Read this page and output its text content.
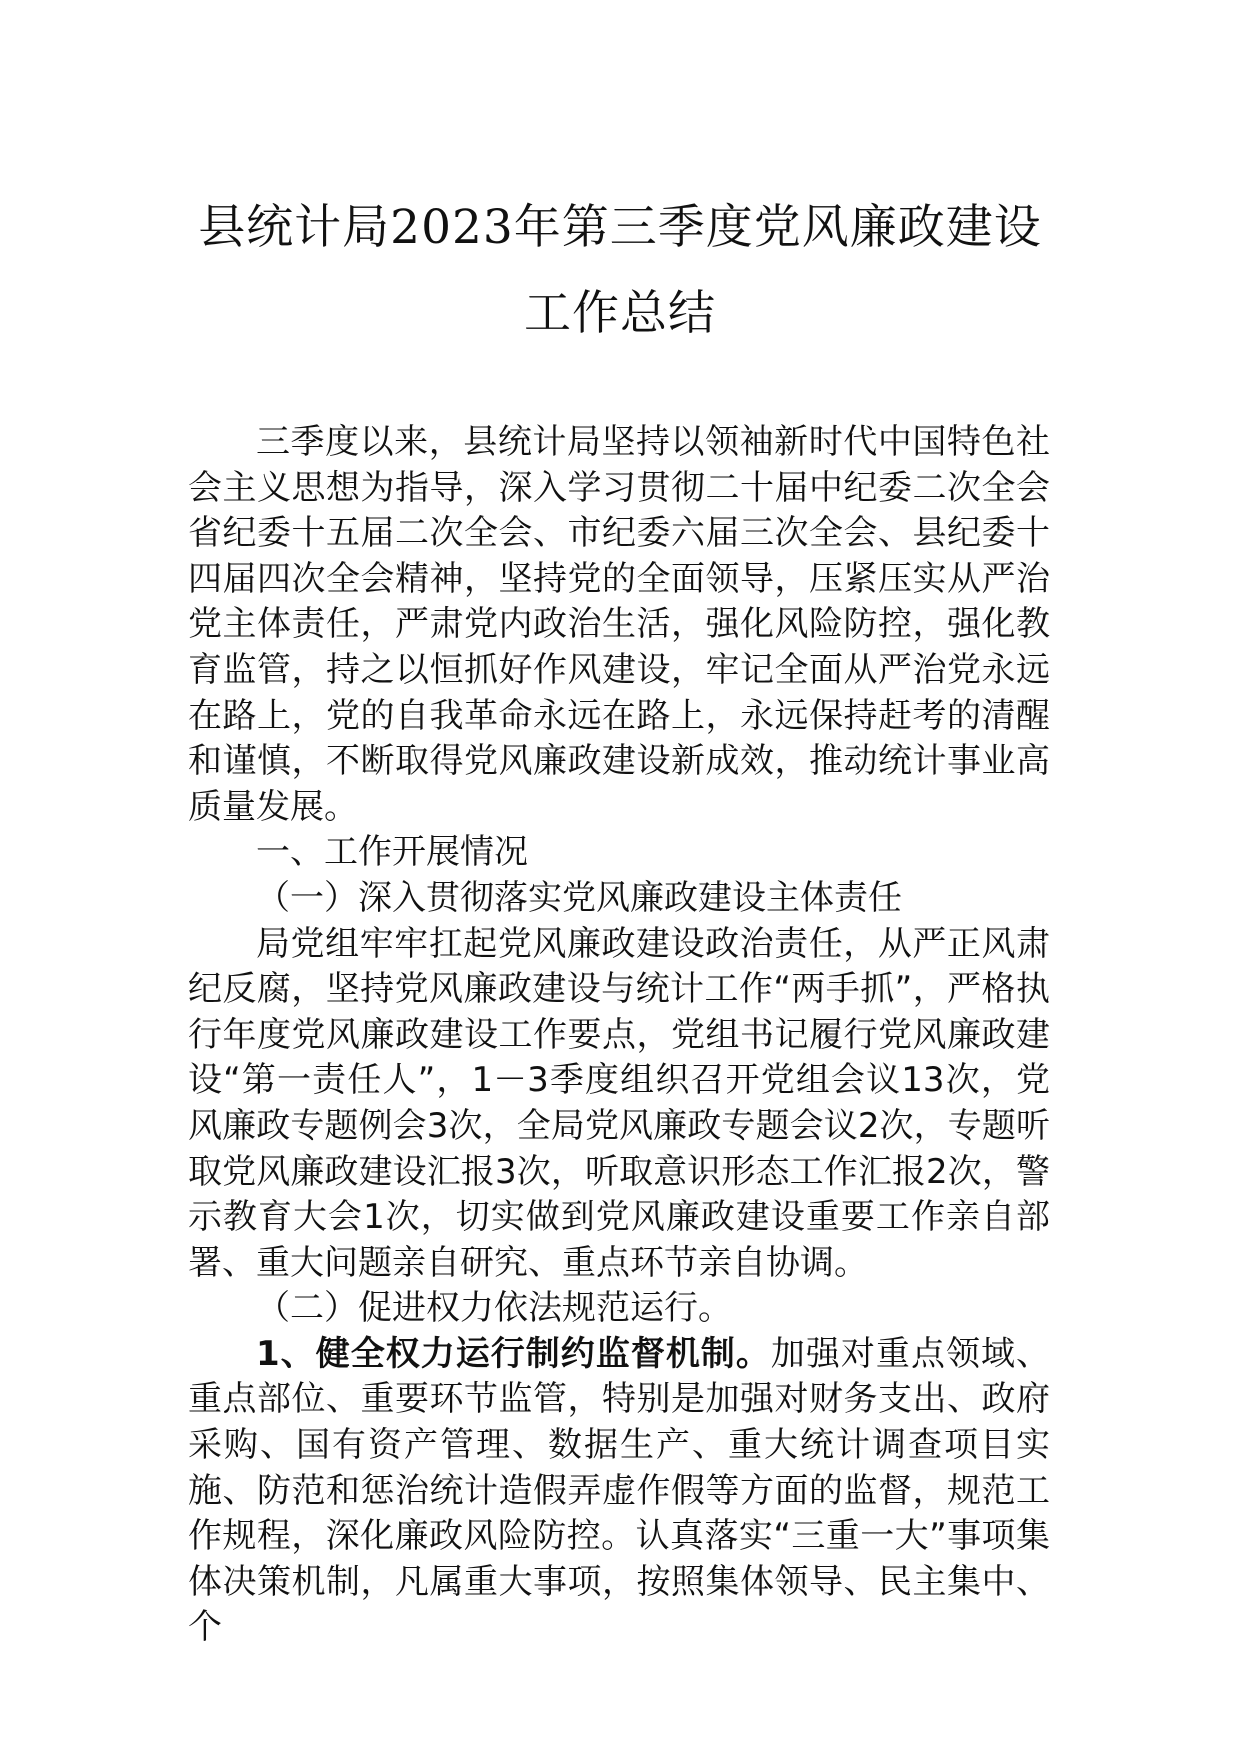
县统计局2023年第三季度党风廉政建设工作总结

三季度以来，县统计局坚持以领袖新时代中国特色社会主义思想为指导，深入学习贯彻二十届中纪委二次全会省纪委十五届二次全会、市纪委六届三次全会、县纪委十四届四次全会精神，坚持党的全面领导，压紧压实从严治党主体责任，严肃党内政治生活，强化风险防控，强化教育监管，持之以恒抓好作风建设，牢记全面从严治党永远在路上，党的自我革命永远在路上，永远保持赶考的清醒和谨慎，不断取得党风廉政建设新成效，推动统计事业高质量发展。

一、工作开展情况

（一）深入贯彻落实党风廉政建设主体责任

局党组牢牢扛起党风廉政建设政治责任，从严正风肃纪反腐，坚持党风廉政建设与统计工作“两手抓”，严格执行年度党风廉政建设工作要点，党组书记履行党风廉政建设“第一责任人”，1－3季度组织召开党组会议13次，党风廉政专题例会3次，全局党风廉政专题会议2次，专题听取党风廉政建设汇报3次，听取意识形态工作汇报2次，警示教育大会1次，切实做到党风廉政建设重要工作亲自部署、重大问题亲自研究、重点环节亲自协调。

（二）促进权力依法规范运行。

1、健全权力运行制约监督机制。加强对重点领域、重点部位、重要环节监管，特别是加强对财务支出、政府采购、国有资产管理、数据生产、重大统计调查项目实施、防范和惩治统计造假弄虚作假等方面的监督，规范工作规程，深化廉政风险防控。认真落实“三重一大”事项集体决策机制，凡属重大事项，按照集体领导、民主集中、个
